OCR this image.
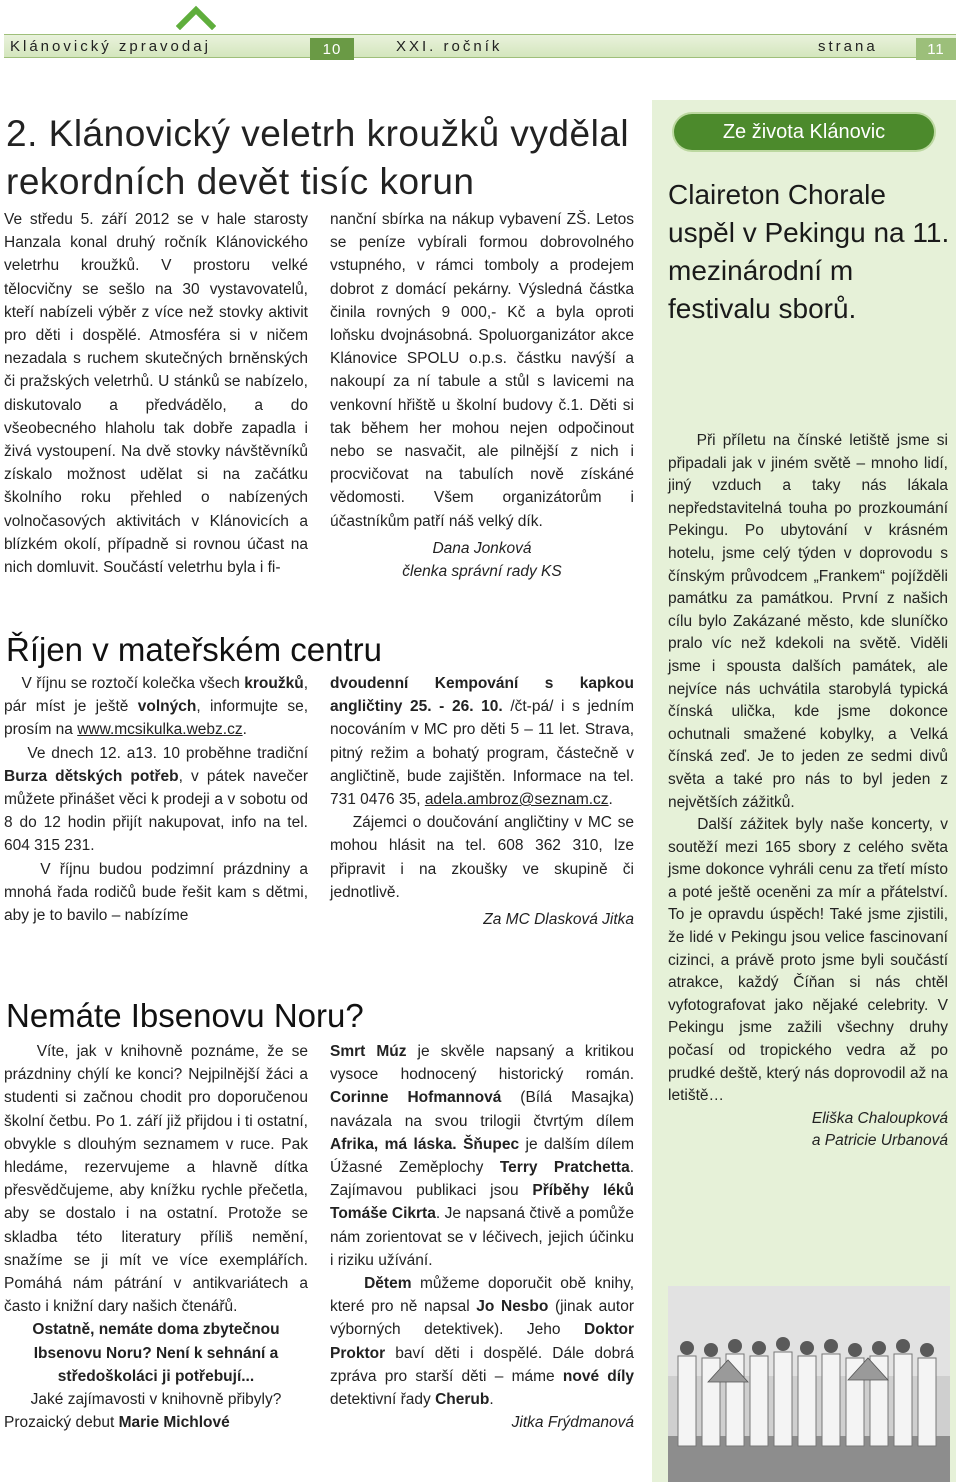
Klánovický zpravodaj	10	XXI. ročník	strana	11
2. Klánovický veletrh kroužků vydělal rekordních devět tisíc korun

Ve středu 5. září 2012 se v hale starosty Hanzala konal druhý ročník Klánovického veletrhu kroužků. V prostoru velké tělocvičny se sešlo na 30 vystavovatelů, kteří nabízeli výběr z více než stovky aktivit pro děti i dospělé. Atmosféra si v ničem nezadala s ruchem skutečných brněnských či pražských veletrhů. U stánků se nabízelo, diskutovalo a předvádělo, a do všeobecného hlaholu tak dobře zapadla i živá vystoupení. Na dvě stovky návštěvníků získalo možnost udělat si na začátku školního roku přehled o nabízených volnočasových aktivitách v Klánovicích a blízkém okolí, případně si rovnou účast na nich domluvit. Součástí veletrhu byla i fi-

nanční sbírka na nákup vybavení ZŠ. Letos se peníze vybírali formou dobrovolného vstupného, v rámci tomboly a prodejem dobrot z domácí pekárny. Výsledná částka činila rovných 9 000,- Kč a byla oproti loňsku dvojnásobná. Spoluorganizátor akce Klánovice SPOLU o.p.s. částku navýší a nakoupí za ní tabule a stůl s lavicemi na venkovní hřiště u školní budovy č.1. Děti si tak během her mohou nejen odpočinout nebo se nasvačit, ale pilnější z nich i procvičovat na tabulích nově získáné vědomosti. Všem organizátorům i účastníkům patří náš velký dík.

Dana Jonková

členka správní rady KS

Říjen v mateřském centru

V říjnu se roztočí kolečka všech kroužků, pár míst je ještě volných, informujte se, prosím na www.mcsikulka.webz.cz.

Ve dnech 12. a13. 10 proběhne tradiční Burza dětských potřeb, v pátek navečer můžete přinášet věci k prodeji a v sobotu od 8 do 12 hodin přijít nakupovat, info na tel. 604 315 231.

V říjnu budou podzimní prázdniny a mnohá řada rodičů bude řešit kam s dětmi, aby je to bavilo – nabízíme

dvoudenní Kempování s kapkou angličtiny 25. - 26. 10. /čt-pá/ i s jedním nocováním v MC pro děti 5 – 11 let. Strava, pitný režim a bohatý program, částečně v angličtině, bude zajištěn. Informace na tel. 731 0476 35, adela.ambroz@seznam.cz.

Zájemci o doučování angličtiny v MC se mohou hlásit na tel. 608 362 310, lze připravit i na zkoušky ve skupině či jednotlivě.

Za MC Dlasková Jitka

Nemáte Ibsenovu Noru?

Víte, jak v knihovně poznáme, že se prázdniny chýlí ke konci? Nejpilnější žáci a studenti si začnou chodit pro doporučenou školní četbu. Po 1. září již přijdou i ti ostatní, obvykle s dlouhým seznamem v ruce. Pak hledáme, rezervujeme a hlavně dítka přesvědčujeme, aby knížku rychle přečetla, aby se dostalo i na ostatní. Protože se skladba této literatury příliš nemění, snažíme se ji mít ve více exemplářích. Pomáhá nám pátrání v antikvariátech a často i knižní dary našich čtenářů.

Ostatně, nemáte doma zbytečnou Ibsenovu Noru? Není k sehnání a středoškoláci ji potřebují...

Jaké zajímavosti v knihovně přibyly?

Prozaický debut Marie Michlové

Smrt Múz je skvěle napsaný a kritikou vysoce hodnocený historický román. Corinne Hofmannová (Bílá Masajka) navázala na svou trilogii čtvrtým dílem Afrika, má láska. Šňupec je dalším dílem Úžasné Zeměplochy Terry Pratchetta. Zajímavou publikaci jsou Příběhy léků Tomáše Cikrta. Je napsaná čtivě a pomůže nám zorientovat se v léčivech, jejich účinku i riziku užívání.

Dětem můžeme doporučit obě knihy, které pro ně napsal Jo Nesbo (jinak autor výborných detektivek). Jeho Doktor Proktor baví děti i dospělé. Dále dobrá zpráva pro starší děti – máme nové díly detektivní řady Cherub.

Jitka Frýdmanová

Ze života Klánovic
Claireton Chorale uspěl v Pekingu na 11. mezinárodní m festivalu sborů.

Při příletu na čínské letiště jsme si připadali jak v jiném světě – mnoho lidí, jiný vzduch a taky nás lákala nepředstavitelná touha po prozkoumání Pekingu. Po ubytování v krásném hotelu, jsme celý týden v doprovodu s čínským průvodcem „Frankem“ pojížděli památku za památkou. První z našich cílu bylo Zakázané město, kde sluníčko pralo víc než kdekoli na světě. Viděli jsme i spousta dalších památek, ale nejvíce nás uchvátila starobylá typická čínská ulička, kde jsme dokonce ochutnali smažené kobylky, a Velká čínská zeď. Je to jeden ze sedmi divů světa a také pro nás to byl jeden z největších zážitků.

Další zážitek byly naše koncerty, v soutěží mezi 165 sbory z celého světa jsme dokonce vyhráli cenu za třetí místo a poté ještě oceněni za mír a přátelství. To je opravdu úspěch! Také jsme zjistili, že lidé v Pekingu jsou velice fascinovaní cizinci, a právě proto jsme byli součástí atrakce, každý Číňan si nás chtěl vyfotografovat jako nějaké celebrity. V Pekingu jsme zažili všechny druhy počasí od tropického vedra až po prudké deště, který nás doprovodil až na letiště…

Eliška Chaloupková

a Patricie Urbanová
